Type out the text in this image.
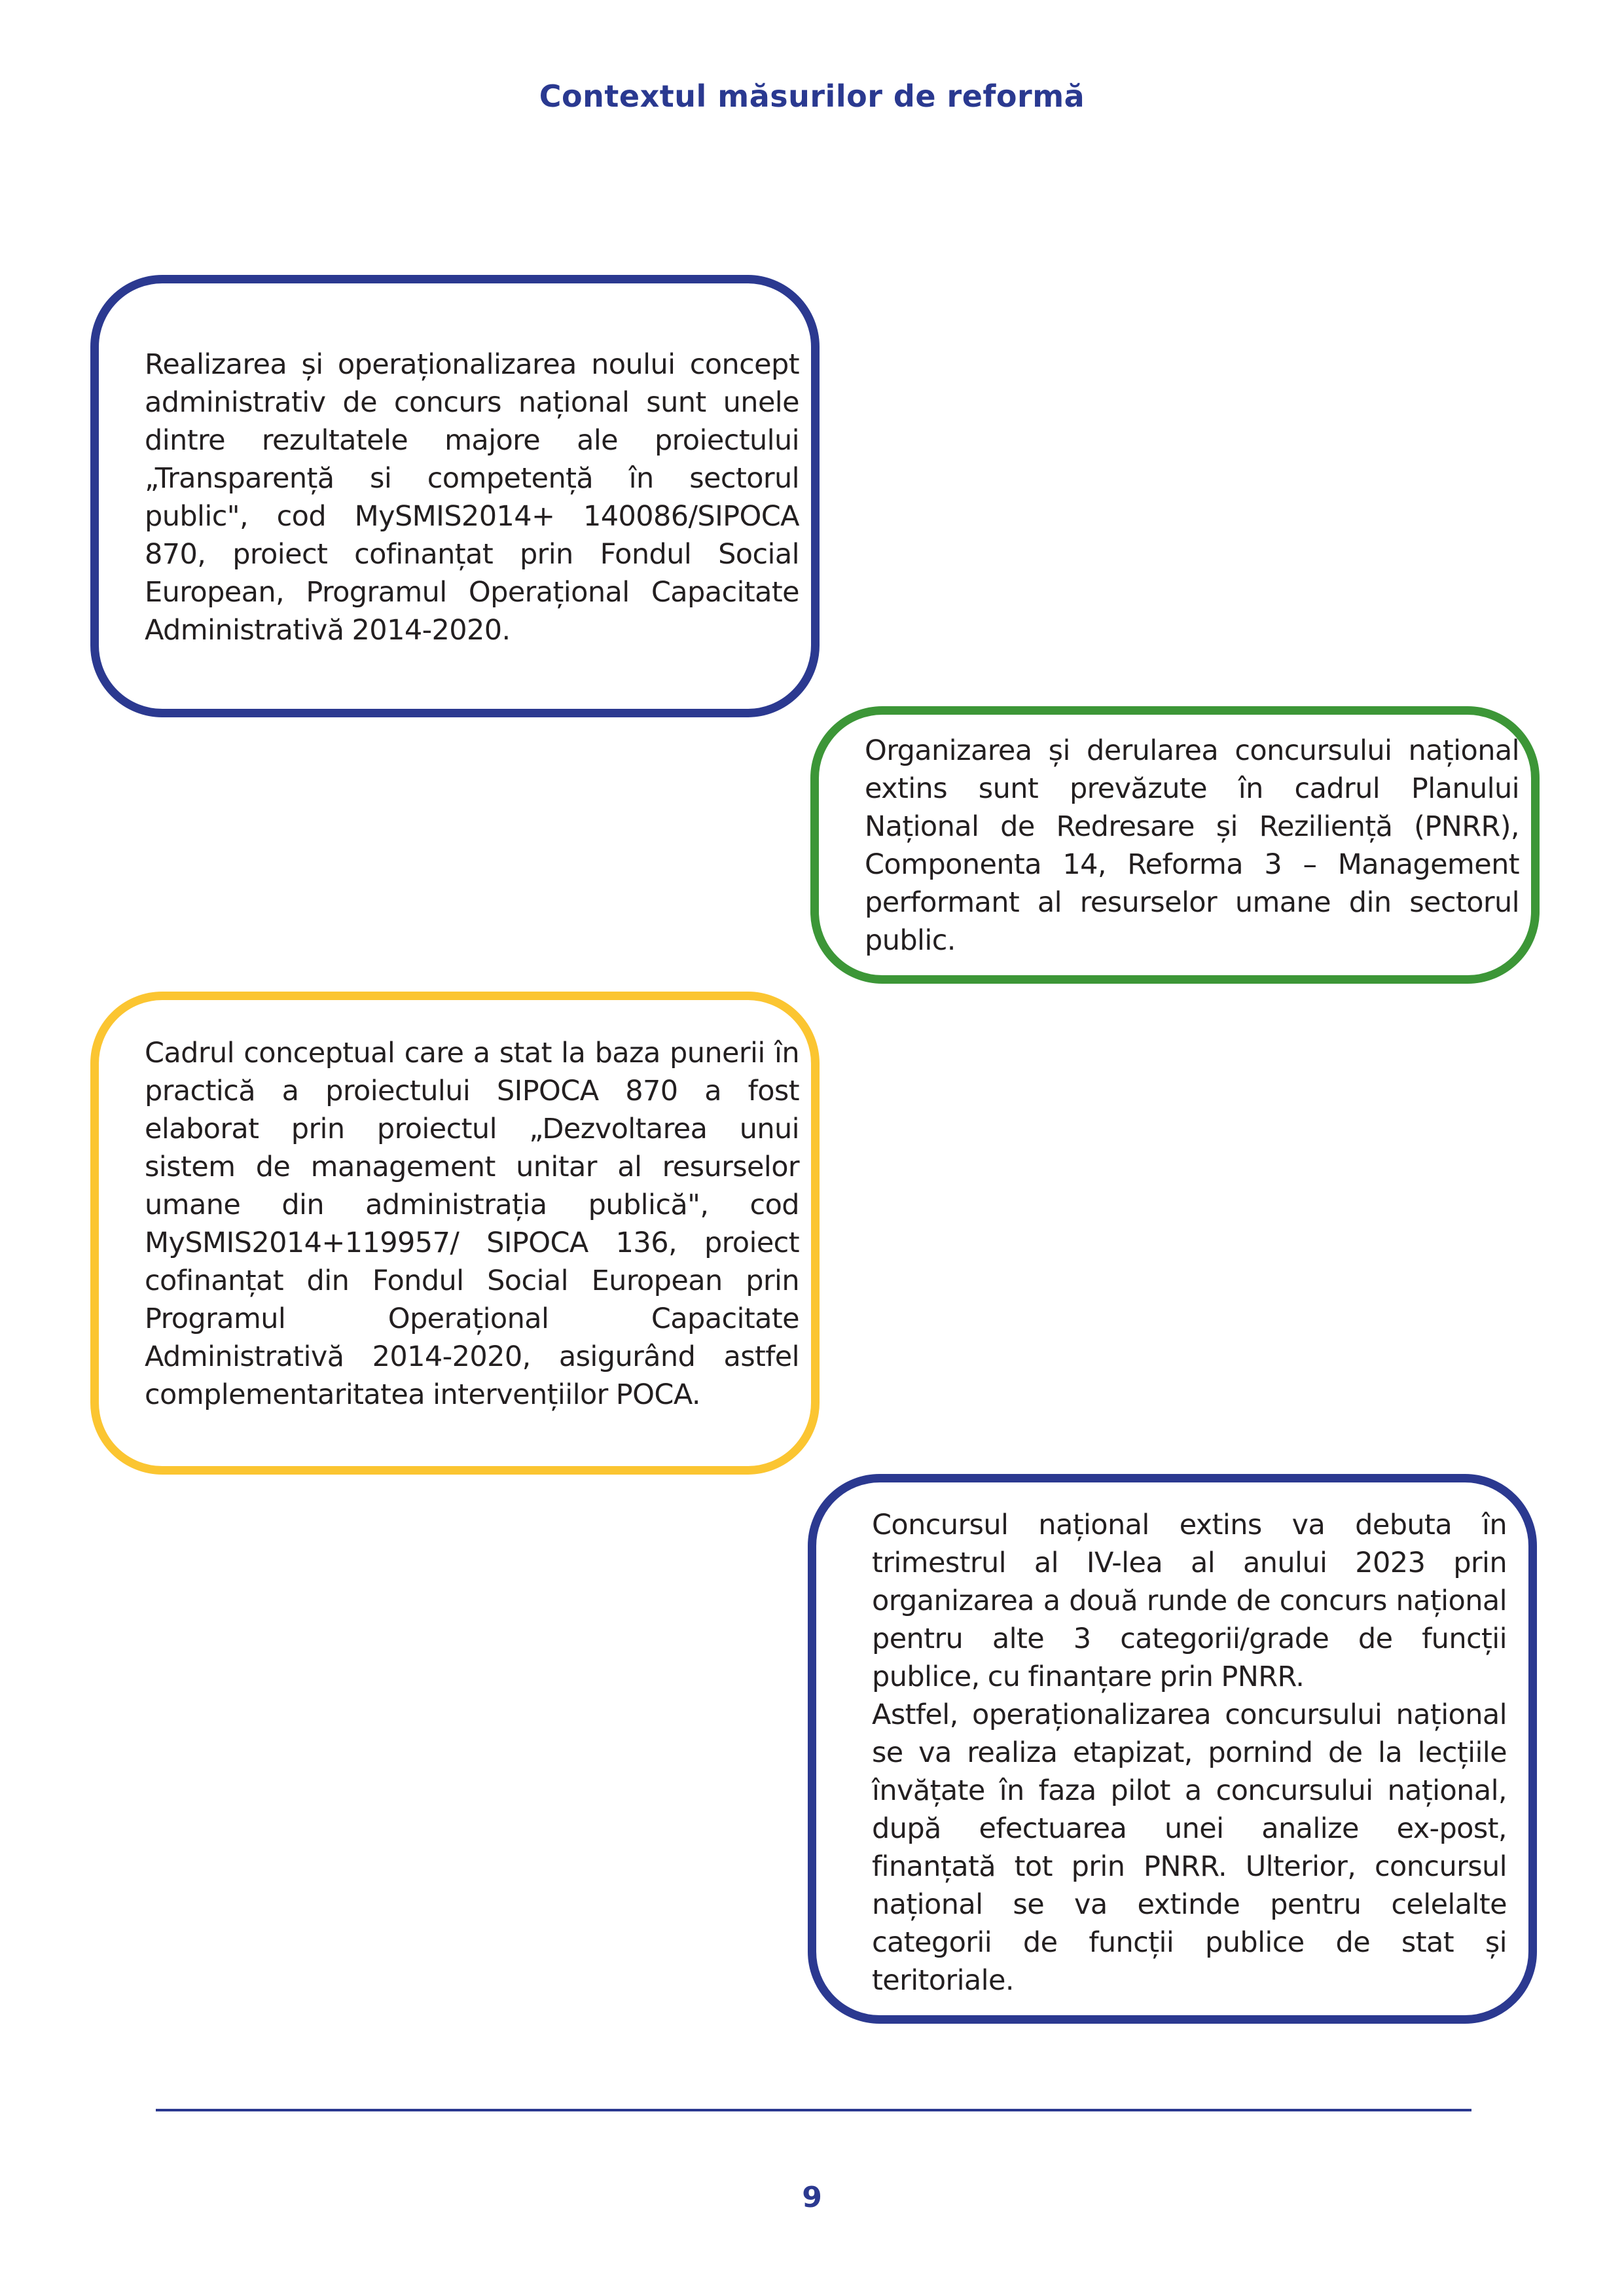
Contextul măsurilor de reformă

Realizarea și operaționalizarea noului concept administrativ de concurs național sunt unele dintre rezultatele majore ale proiectului „Transparență si competență în sectorul public", cod MySMIS2014+ 140086/SIPOCA 870, proiect cofinanțat prin Fondul Social European, Programul Operațional Capacitate Administrativă 2014-2020.

Organizarea și derularea concursului național extins sunt prevăzute în cadrul Planului Național de Redresare și Reziliență (PNRR), Componenta 14, Reforma 3 – Management performant al resurselor umane din sectorul public.

Cadrul conceptual care a stat la baza punerii în practică a proiectului SIPOCA 870 a fost elaborat prin proiectul „Dezvoltarea unui sistem de management unitar al resurselor umane din administrația publică", cod MySMIS2014+119957/ SIPOCA 136, proiect cofinanțat din Fondul Social European prin Programul Operațional Capacitate Administrativă 2014-2020, asigurând astfel complementaritatea intervențiilor POCA.

Concursul național extins va debuta în trimestrul al IV-lea al anului 2023 prin organizarea a două runde de concurs național pentru alte 3 categorii/grade de funcții publice, cu finanțare prin PNRR.

Astfel, operaționalizarea concursului național se va realiza etapizat, pornind de la lecțiile învățate în faza pilot a concursului național, după efectuarea unei analize ex-post, finanțată tot prin PNRR. Ulterior, concursul național se va extinde pentru celelalte categorii de funcții publice de stat și teritoriale.

9
